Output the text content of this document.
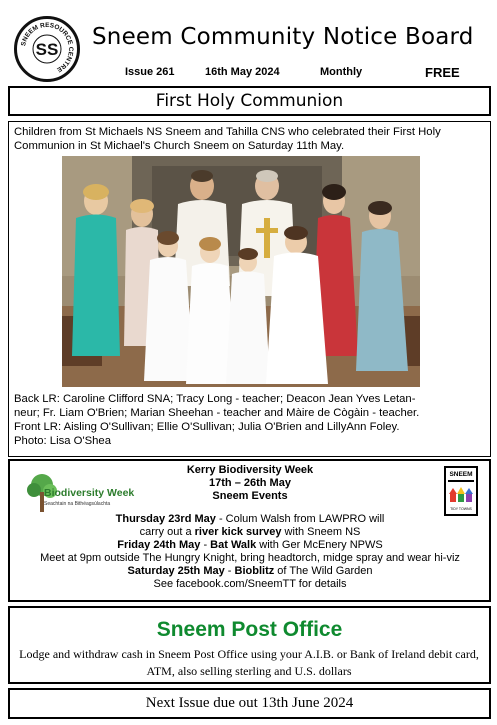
SNEEM RESOURCE CENTRE
SS Sneem Community Notice Board
Issue 261	16th May 2024	Monthly	FREE
First Holy Communion
Children from St Michaels NS Sneem and Tahilla CNS who celebrated their First Holy Communion in St Michael's Church Sneem on Saturday 11th May.
Back LR: Caroline Clifford SNA; Tracy Long - teacher; Deacon Jean Yves Letan-
neur; Fr. Liam O'Brien; Marian Sheehan - teacher and Màire de Cògàin - teacher.
Front LR: Aisling O'Sullivan; Ellie O'Sullivan; Julia O'Brien and LillyAnn Foley.
Photo: Lisa O'Shea
Biodiversity Week
Seachtain na Bithéagsúlachta
SNEEM
TIDY TOWNS
Kerry Biodiversity Week
17th – 26th May
Sneem Events
Thursday 23rd May - Colum Walsh from LAWPRO will
carry out a river kick survey with Sneem NS
Friday 24th May - Bat Walk with Ger McEnery NPWS
Meet at 9pm outside The Hungry Knight, bring headtorch, midge spray and wear hi-viz
Saturday 25th May - Bioblitz of The Wild Garden
See facebook.com/SneemTT for details
Sneem Post Office
Lodge and withdraw cash in Sneem Post Office using your A.I.B. or Bank of Ireland debit card, ATM, also selling sterling and U.S. dollars
Next Issue due out 13th June 2024
